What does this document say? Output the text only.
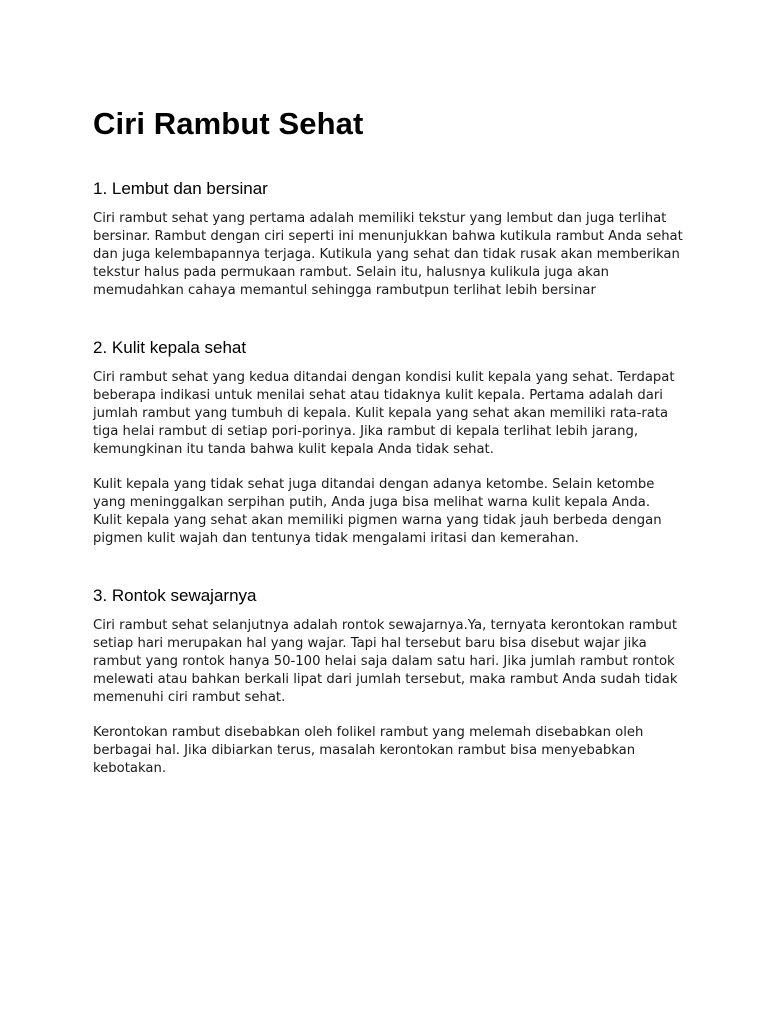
Ciri Rambut Sehat
1. Lembut dan bersinar

Ciri rambut sehat yang pertama adalah memiliki tekstur yang lembut dan juga terlihat bersinar. Rambut dengan ciri seperti ini menunjukkan bahwa kutikula rambut Anda sehat dan juga kelembapannya terjaga. Kutikula yang sehat dan tidak rusak akan memberikan tekstur halus pada permukaan rambut. Selain itu, halusnya kulikula juga akan memudahkan cahaya memantul sehingga rambutpun terlihat lebih bersinar

2. Kulit kepala sehat

Ciri rambut sehat yang kedua ditandai dengan kondisi kulit kepala yang sehat. Terdapat beberapa indikasi untuk menilai sehat atau tidaknya kulit kepala. Pertama adalah dari jumlah rambut yang tumbuh di kepala. Kulit kepala yang sehat akan memiliki rata-rata tiga helai rambut di setiap pori-porinya. Jika rambut di kepala terlihat lebih jarang, kemungkinan itu tanda bahwa kulit kepala Anda tidak sehat.

Kulit kepala yang tidak sehat juga ditandai dengan adanya ketombe. Selain ketombe yang meninggalkan serpihan putih, Anda juga bisa melihat warna kulit kepala Anda. Kulit kepala yang sehat akan memiliki pigmen warna yang tidak jauh berbeda dengan pigmen kulit wajah dan tentunya tidak mengalami iritasi dan kemerahan.

3. Rontok sewajarnya

Ciri rambut sehat selanjutnya adalah rontok sewajarnya.Ya, ternyata kerontokan rambut setiap hari merupakan hal yang wajar. Tapi hal tersebut baru bisa disebut wajar jika rambut yang rontok hanya 50-100 helai saja dalam satu hari. Jika jumlah rambut rontok melewati atau bahkan berkali lipat dari jumlah tersebut, maka rambut Anda sudah tidak memenuhi ciri rambut sehat.

Kerontokan rambut disebabkan oleh folikel rambut yang melemah disebabkan oleh berbagai hal. Jika dibiarkan terus, masalah kerontokan rambut bisa menyebabkan kebotakan.
